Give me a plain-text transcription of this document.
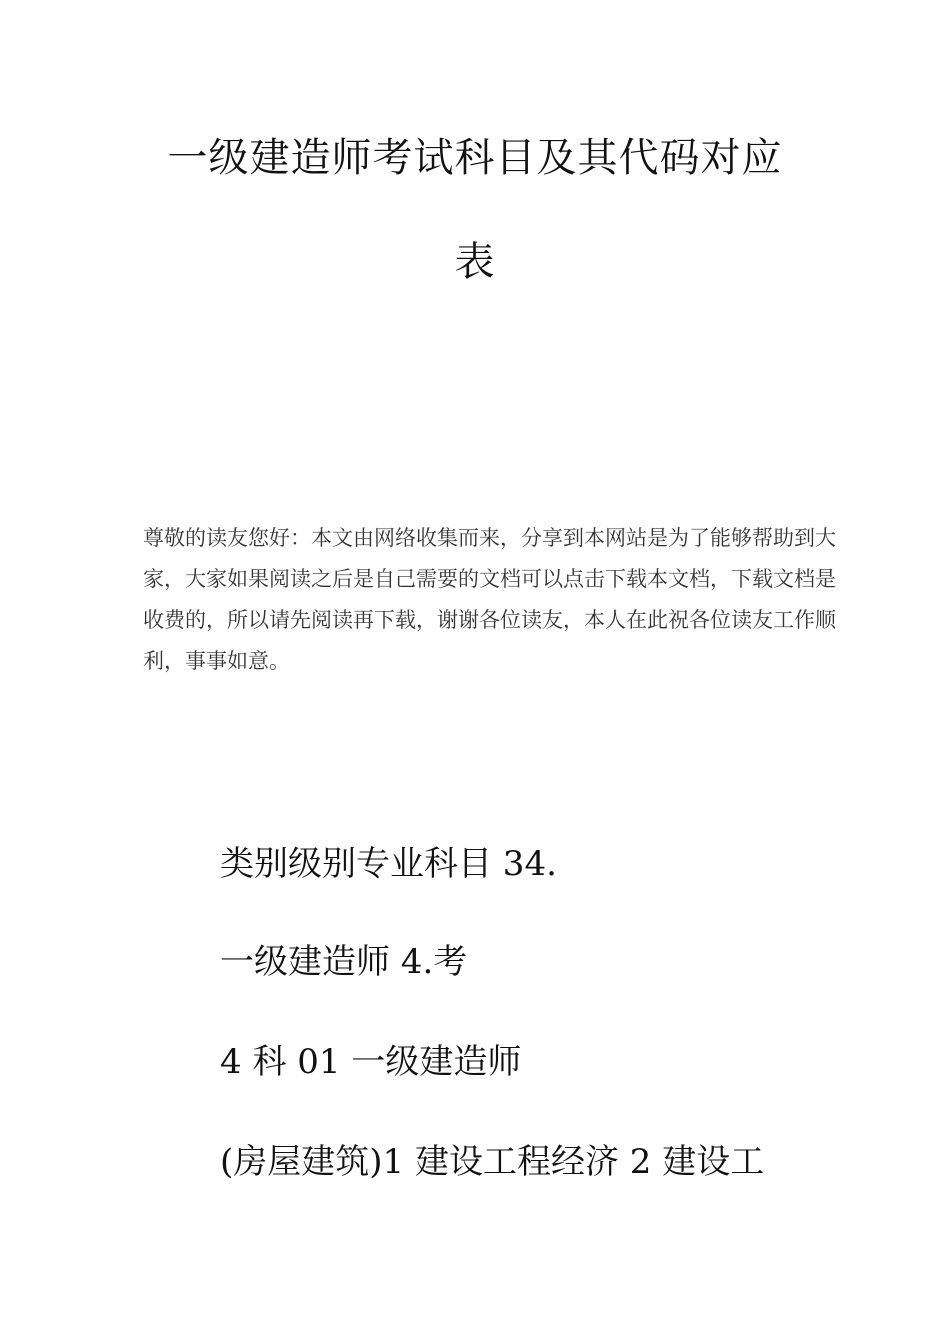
一级建造师考试科目及其代码对应
表
尊敬的读友您好：本文由网络收集而来，分享到本网站是为了能够帮助到大
家，大家如果阅读之后是自己需要的文档可以点击下载本文档，下载文档是
收费的，所以请先阅读再下载，谢谢各位读友，本人在此祝各位读友工作顺
利，事事如意。
类别级别专业科目 34.
一级建造师 4.考
4 科 01 一级建造师
(房屋建筑)1 建设工程经济 2 建设工
